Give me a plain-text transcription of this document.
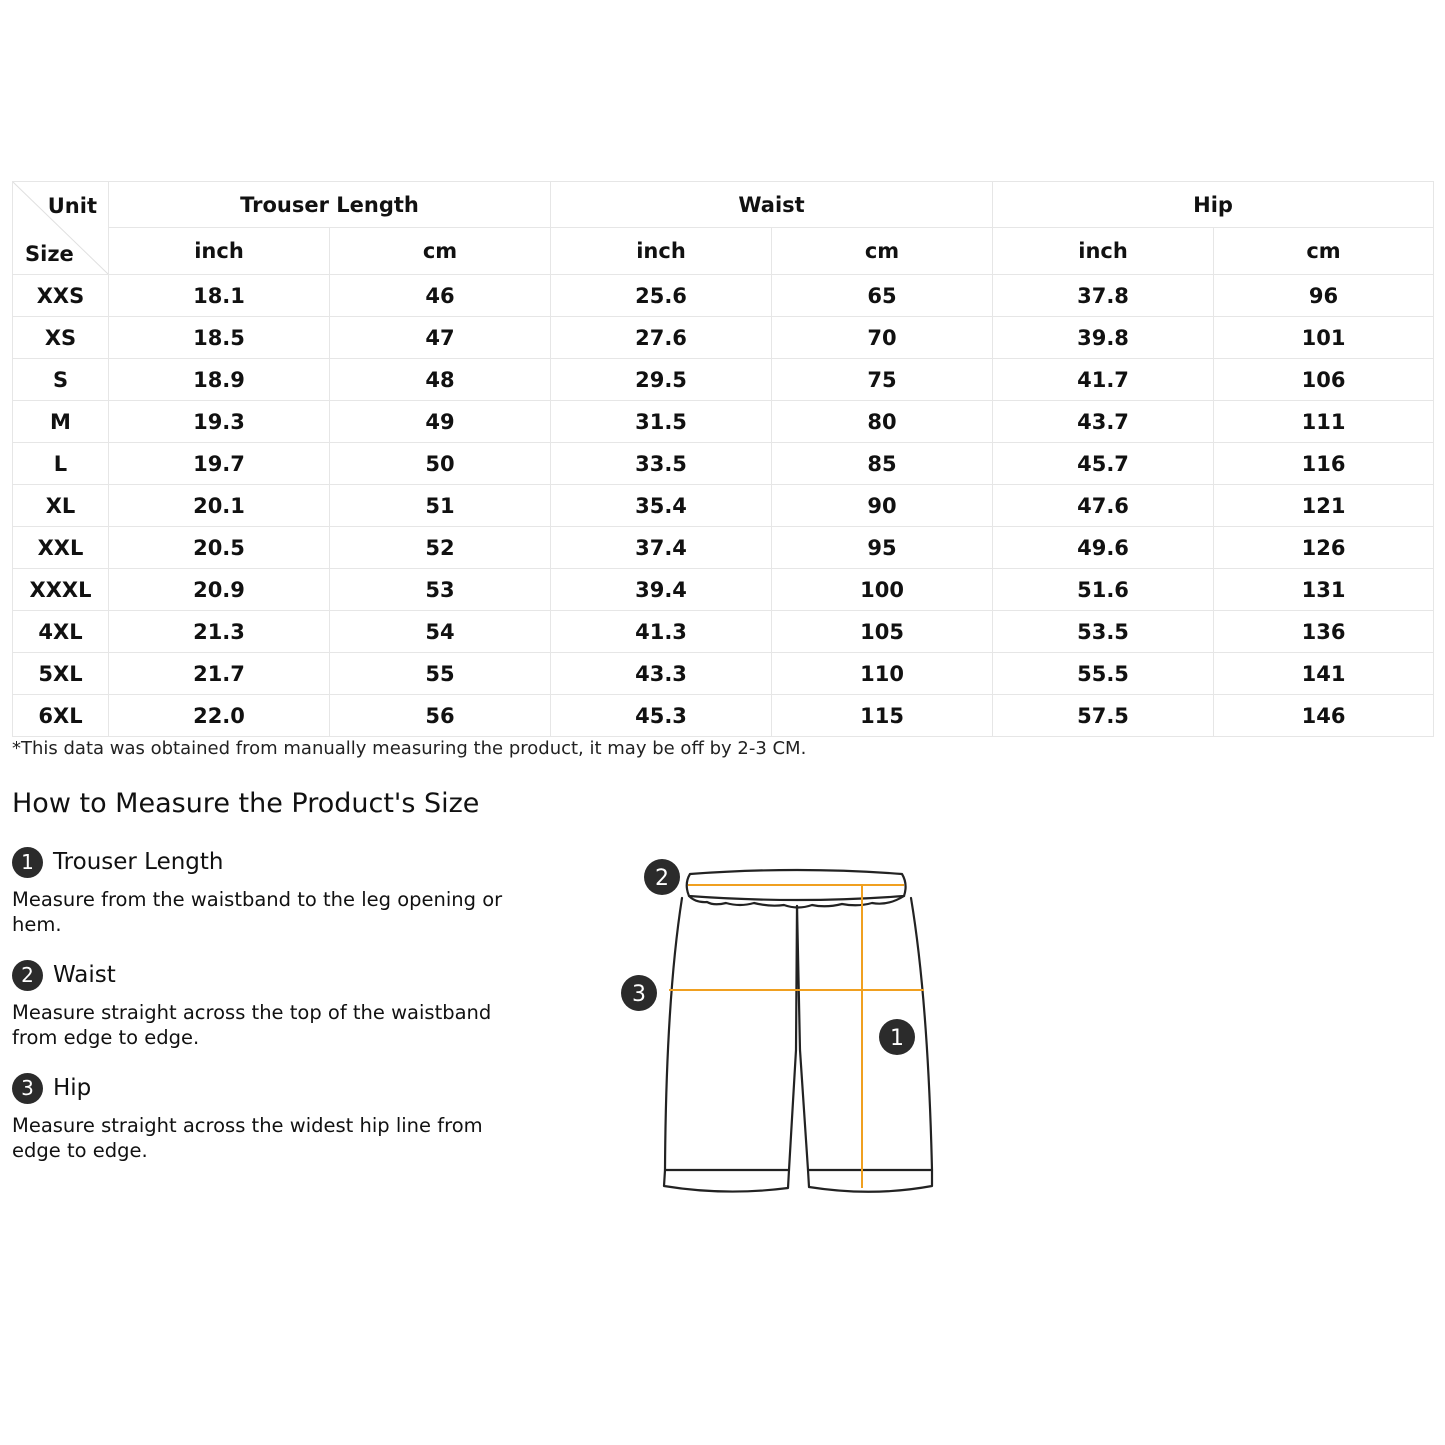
Unit
Size	Trouser Length		Waist		Hip	
	inch	cm	inch	cm	inch	cm
XXS	18.1	46	25.6	65	37.8	96
XS	18.5	47	27.6	70	39.8	101
S	18.9	48	29.5	75	41.7	106
M	19.3	49	31.5	80	43.7	111
L	19.7	50	33.5	85	45.7	116
XL	20.1	51	35.4	90	47.6	121
XXL	20.5	52	37.4	95	49.6	126
XXXL	20.9	53	39.4	100	51.6	131
4XL	21.3	54	41.3	105	53.5	136
5XL	21.7	55	43.3	110	55.5	141
6XL	22.0	56	45.3	115	57.5	146
*This data was obtained from manually measuring the product, it may be off by 2-3 CM.
How to Measure the Product's Size
1 Trouser Length
Measure from the waistband to the leg opening or hem.
2 Waist
Measure straight across the top of the waistband from edge to edge.
3 Hip
Measure straight across the widest hip line from edge to edge.
2
3
1
